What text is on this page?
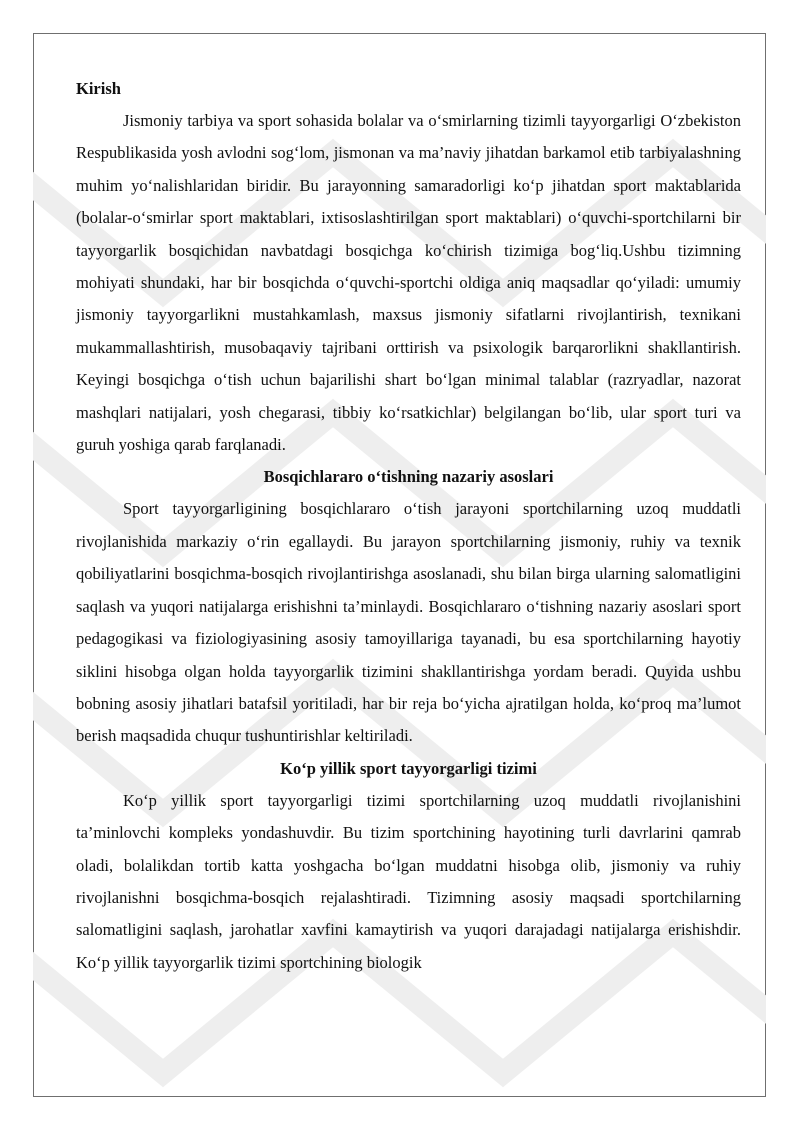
Kirish

Jismoniy tarbiya va sport sohasida bolalar va o‘smirlarning tizimli tayyorgarligi O‘zbekiston Respublikasida yosh avlodni sog‘lom, jismonan va ma’naviy jihatdan barkamol etib tarbiyalashning muhim yo‘nalishlaridan biridir. Bu jarayonning samaradorligi ko‘p jihatdan sport maktablarida (bolalar-o‘smirlar sport maktablari, ixtisoslashtirilgan sport maktablari) o‘quvchi-sportchilarni bir tayyorgarlik bosqichidan navbatdagi bosqichga ko‘chirish tizimiga bog‘liq.Ushbu tizimning mohiyati shundaki, har bir bosqichda o‘quvchi-sportchi oldiga aniq maqsadlar qo‘yiladi: umumiy jismoniy tayyorgarlikni mustahkamlash, maxsus jismoniy sifatlarni rivojlantirish, texnikani mukammallashtirish, musobaqaviy tajribani orttirish va psixologik barqarorlikni shakllantirish. Keyingi bosqichga o‘tish uchun bajarilishi shart bo‘lgan minimal talablar (razryadlar, nazorat mashqlari natijalari, yosh chegarasi, tibbiy ko‘rsatkichlar) belgilangan bo‘lib, ular sport turi va guruh yoshiga qarab farqlanadi.

Bosqichlararo o‘tishning nazariy asoslari

Sport tayyorgarligining bosqichlararo o‘tish jarayoni sportchilarning uzoq muddatli rivojlanishida markaziy o‘rin egallaydi. Bu jarayon sportchilarning jismoniy, ruhiy va texnik qobiliyatlarini bosqichma-bosqich rivojlantirishga asoslanadi, shu bilan birga ularning salomatligini saqlash va yuqori natijalarga erishishni ta’minlaydi. Bosqichlararo o‘tishning nazariy asoslari sport pedagogikasi va fiziologiyasining asosiy tamoyillariga tayanadi, bu esa sportchilarning hayotiy siklini hisobga olgan holda tayyorgarlik tizimini shakllantirishga yordam beradi. Quyida ushbu bobning asosiy jihatlari batafsil yoritiladi, har bir reja bo‘yicha ajratilgan holda, ko‘proq ma’lumot berish maqsadida chuqur tushuntirishlar keltiriladi.

Ko‘p yillik sport tayyorgarligi tizimi

Ko‘p yillik sport tayyorgarligi tizimi sportchilarning uzoq muddatli rivojlanishini ta’minlovchi kompleks yondashuvdir. Bu tizim sportchining hayotining turli davrlarini qamrab oladi, bolalikdan tortib katta yoshgacha bo‘lgan muddatni hisobga olib, jismoniy va ruhiy rivojlanishni bosqichma-bosqich rejalashtiradi. Tizimning asosiy maqsadi sportchilarning salomatligini saqlash, jarohatlar xavfini kamaytirish va yuqori darajadagi natijalarga erishishdir. Ko‘p yillik tayyorgarlik tizimi sportchining biologik
